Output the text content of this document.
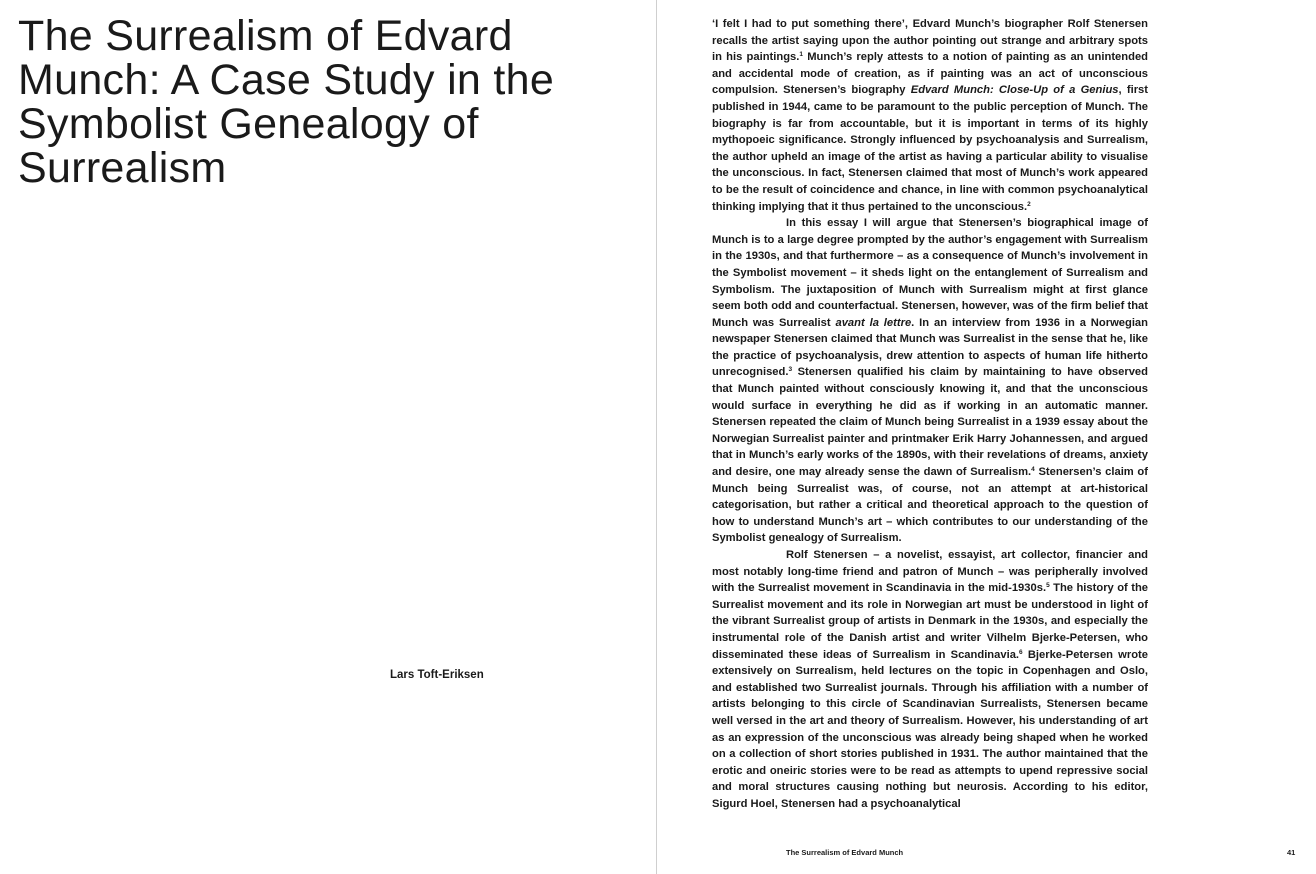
The Surrealism of Edvard Munch: A Case Study in the Symbolist Genealogy of Surrealism

Lars Toft-Eriksen

‘I felt I had to put something there’, Edvard Munch’s biographer Rolf Stenersen recalls the artist saying upon the author pointing out strange and arbitrary spots in his paintings.$^1$ Munch’s reply attests to a notion of painting as an unintended and accidental mode of creation, as if painting was an act of unconscious compulsion. Stenersen’s biography Edvard Munch: Close-Up of a Genius, first published in 1944, came to be paramount to the public perception of Munch. The biography is far from accountable, but it is important in terms of its highly mythopoeic significance. Strongly influenced by psychoanalysis and Surrealism, the author upheld an image of the artist as having a particular ability to visualise the unconscious. In fact, Stenersen claimed that most of Munch’s work appeared to be the result of coincidence and chance, in line with common psychoanalytical thinking implying that it thus pertained to the unconscious.$^2$

In this essay I will argue that Stenersen’s biographical image of Munch is to a large degree prompted by the author’s engagement with Surrealism in the 1930s, and that furthermore – as a consequence of Munch’s involvement in the Symbolist movement – it sheds light on the entanglement of Surrealism and Symbolism. The juxtaposition of Munch with Surrealism might at first glance seem both odd and counterfactual. Stenersen, however, was of the firm belief that Munch was Surrealist avant la lettre. In an interview from 1936 in a Norwegian newspaper Stenersen claimed that Munch was Surrealist in the sense that he, like the practice of psychoanalysis, drew attention to aspects of human life hitherto unrecognised.$^3$ Stenersen qualified his claim by maintaining to have observed that Munch painted without consciously knowing it, and that the unconscious would surface in everything he did as if working in an automatic manner. Stenersen repeated the claim of Munch being Surrealist in a 1939 essay about the Norwegian Surrealist painter and printmaker Erik Harry Johannessen, and argued that in Munch’s early works of the 1890s, with their revelations of dreams, anxiety and desire, one may already sense the dawn of Surrealism.$^4$ Stenersen’s claim of Munch being Surrealist was, of course, not an attempt at art-historical categorisation, but rather a critical and theoretical approach to the question of how to understand Munch’s art – which contributes to our understanding of the Symbolist genealogy of Surrealism.

Rolf Stenersen – a novelist, essayist, art collector, financier and most notably long-time friend and patron of Munch – was peripherally involved with the Surrealist movement in Scandinavia in the mid-1930s.$^5$ The history of the Surrealist movement and its role in Norwegian art must be understood in light of the vibrant Surrealist group of artists in Denmark in the 1930s, and especially the instrumental role of the Danish artist and writer Vilhelm Bjerke-Petersen, who disseminated these ideas of Surrealism in Scandinavia.$^6$ Bjerke-Petersen wrote extensively on Surrealism, held lectures on the topic in Copenhagen and Oslo, and established two Surrealist journals. Through his affiliation with a number of artists belonging to this circle of Scandinavian Surrealists, Stenersen became well versed in the art and theory of Surrealism. However, his understanding of art as an expression of the unconscious was already being shaped when he worked on a collection of short stories published in 1931. The author maintained that the erotic and oneiric stories were to be read as attempts to upend repressive social and moral structures causing nothing but neurosis. According to his editor, Sigurd Hoel, Stenersen had a psychoanalytical

The Surrealism of Edvard Munch	41
